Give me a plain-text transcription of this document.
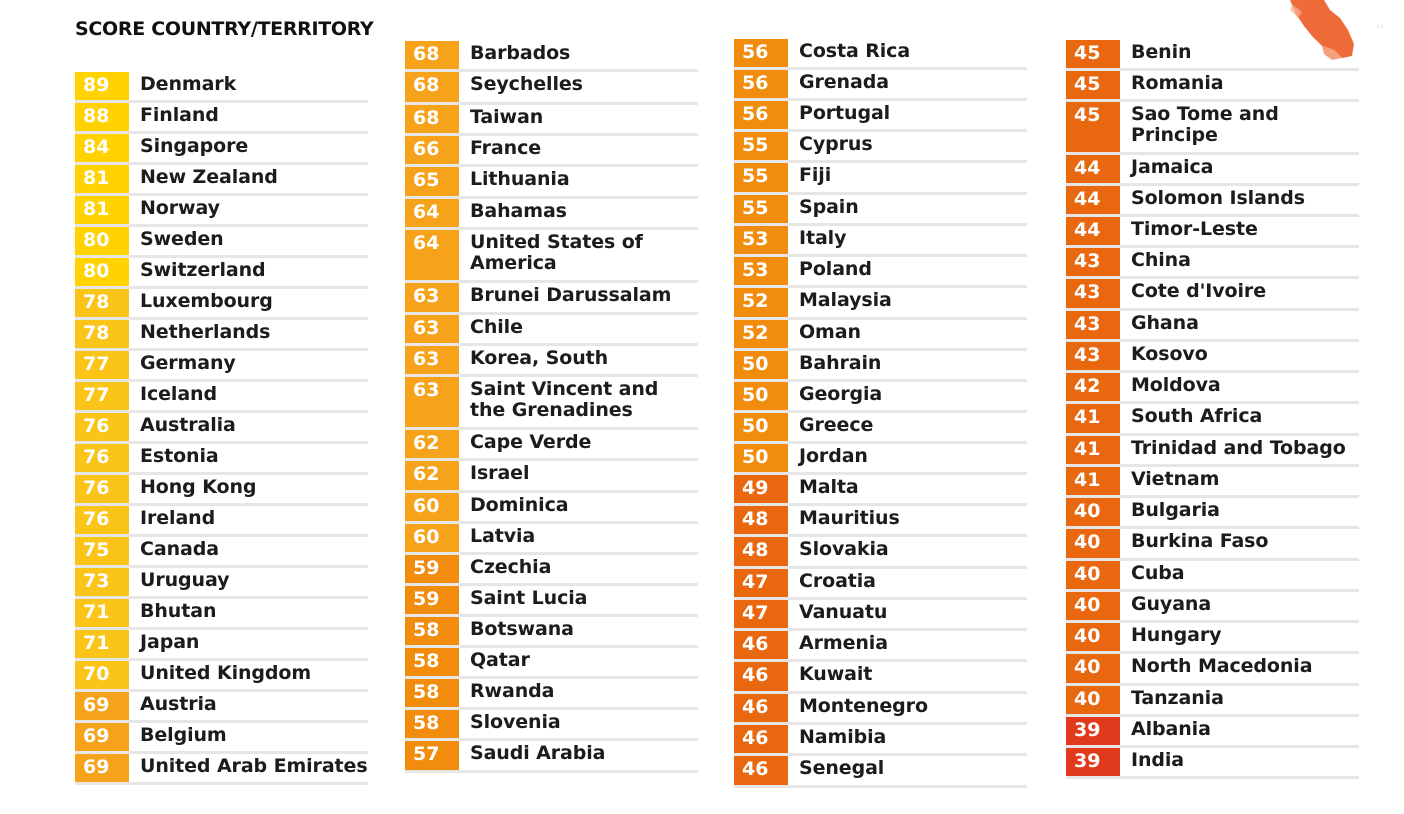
SCORE COUNTRY/TERRITORY
89	Denmark
88	Finland
84	Singapore
81	New Zealand
81	Norway
80	Sweden
80	Switzerland
78	Luxembourg
78	Netherlands
77	Germany
77	Iceland
76	Australia
76	Estonia
76	Hong Kong
76	Ireland
75	Canada
73	Uruguay
71	Bhutan
71	Japan
70	United Kingdom
69	Austria
69	Belgium
69	United Arab Emirates
68	Barbados
68	Seychelles
68	Taiwan
66	France
65	Lithuania
64	Bahamas
64	United States of America
63	Brunei Darussalam
63	Chile
63	Korea, South
63	Saint Vincent and the Grenadines
62	Cape Verde
62	Israel
60	Dominica
60	Latvia
59	Czechia
59	Saint Lucia
58	Botswana
58	Qatar
58	Rwanda
58	Slovenia
57	Saudi Arabia
56	Costa Rica
56	Grenada
56	Portugal
55	Cyprus
55	Fiji
55	Spain
53	Italy
53	Poland
52	Malaysia
52	Oman
50	Bahrain
50	Georgia
50	Greece
50	Jordan
49	Malta
48	Mauritius
48	Slovakia
47	Croatia
47	Vanuatu
46	Armenia
46	Kuwait
46	Montenegro
46	Namibia
46	Senegal
45	Benin
45	Romania
45	Sao Tome and Principe
44	Jamaica
44	Solomon Islands
44	Timor-Leste
43	China
43	Cote d'Ivoire
43	Ghana
43	Kosovo
42	Moldova
41	South Africa
41	Trinidad and Tobago
41	Vietnam
40	Bulgaria
40	Burkina Faso
40	Cuba
40	Guyana
40	Hungary
40	North Macedonia
40	Tanzania
39	Albania
39	India
››
